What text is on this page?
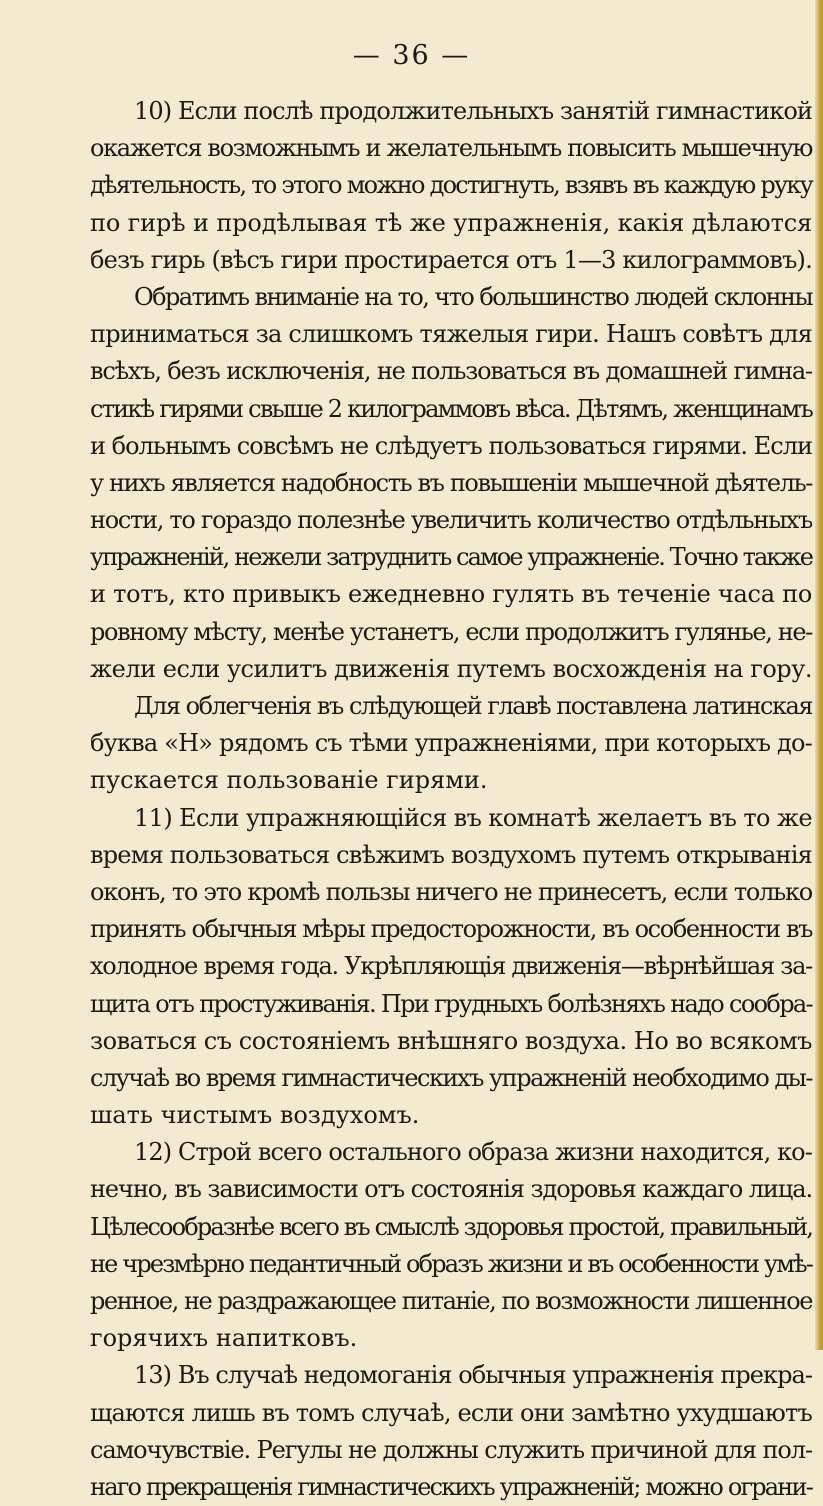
— 36 —
10) Если послѣ продолжительныхъ занятій гимнастикой
окажется возможнымъ и желательнымъ повысить мышечную
дѣятельность, то этого можно достигнуть, взявъ въ каждую руку
по гирѣ и продѣлывая тѣ же упражненія, какія дѣлаются
безъ гирь (вѣсъ гири простирается отъ 1—3 килограммовъ).
Обратимъ вниманіе на то, что большинство людей склонны
приниматься за слишкомъ тяжелыя гири. Нашъ совѣтъ для
всѣхъ, безъ исключенія, не пользоваться въ домашней гимна-
стикѣ гирями свыше 2 килограммовъ вѣса. Дѣтямъ, женщинамъ
и больнымъ совсѣмъ не слѣдуетъ пользоваться гирями. Если
у нихъ является надобность въ повышеніи мышечной дѣятель-
ности, то гораздо полезнѣе увеличить количество отдѣльныхъ
упражненій, нежели затруднить самое упражненіе. Точно также
и тотъ, кто привыкъ ежедневно гулять въ теченіе часа по
ровному мѣсту, менѣе устанетъ, если продолжитъ гулянье, не-
жели если усилитъ движенія путемъ восхожденія на гору.
Для облегченія въ слѣдующей главѣ поставлена латинская
буква «Н» рядомъ съ тѣми упражненіями, при которыхъ до-
пускается пользованіе гирями.
11) Если упражняющійся въ комнатѣ желаетъ въ то же
время пользоваться свѣжимъ воздухомъ путемъ открыванія
оконъ, то это кромѣ пользы ничего не принесетъ, если только
принять обычныя мѣры предосторожности, въ особенности въ
холодное время года. Укрѣпляющія движенія—вѣрнѣйшая за-
щита отъ простуживанія. При грудныхъ болѣзняхъ надо сообра-
зоваться съ состояніемъ внѣшняго воздуха. Но во всякомъ
случаѣ во время гимнастическихъ упражненій необходимо ды-
шать чистымъ воздухомъ.
12) Строй всего остального образа жизни находится, ко-
нечно, въ зависимости отъ состоянія здоровья каждаго лица.
Цѣлесообразнѣе всего въ смыслѣ здоровья простой, правильный,
не чрезмѣрно педантичный образъ жизни и въ особенности умѣ-
ренное, не раздражающее питаніе, по возможности лишенное
горячихъ напитковъ.
13) Въ случаѣ недомоганія обычныя упражненія прекра-
щаются лишь въ томъ случаѣ, если они замѣтно ухудшаютъ
самочувствіе. Регулы не должны служить причиной для пол-
наго прекращенія гимнастическихъ упражненій; можно ограни-
